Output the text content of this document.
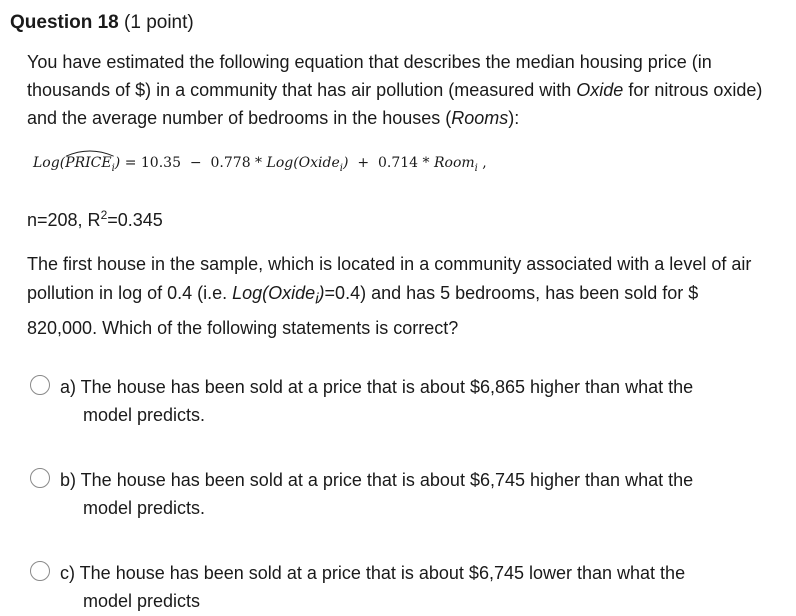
Question 18 (1 point)
You have estimated the following equation that describes the median housing price (in thousands of $) in a community that has air pollution (measured with Oxide for nitrous oxide) and the average number of bedrooms in the houses (Rooms):
Log(
$PRICE_i) = 10.35 - 0.778$ * Log(Oxide$_i$)  +  0.714 * Room$_i$ ,
n=208, $R^2=0.345$
The first house in the sample, which is located in a community associated with a level of air pollution in log of 0.4 (i.e. Log(Oxide$_i$)=0.4) and has 5 bedrooms, has been sold for $ 820,000. Which of the following statements is correct?
a) The house has been sold at a price that is about $6,865 higher than what the
model predicts.
b) The house has been sold at a price that is about $6,745 higher than what the
model predicts.
c) The house has been sold at a price that is about $6,745 lower than what the
model predicts
